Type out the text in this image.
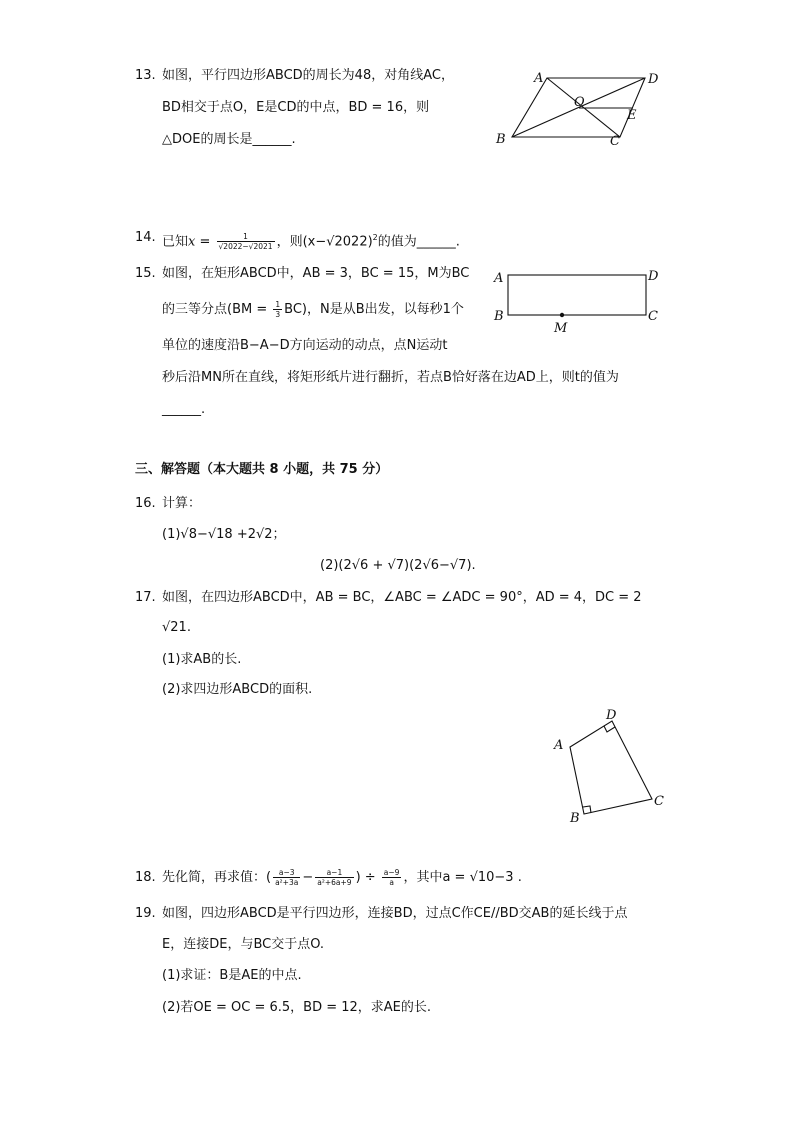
13. 如图，平行四边形ABCD的周长为48，对角线AC，
BD相交于点O，E是CD的中点，BD = 16，则
△DOE的周长是______.
A	D
O
E
B	C
14. 已知$x = \frac{1}{√2022-√2021}$ ，则$(x-√2022)^2$的值为______.
15. 如图，在矩形ABCD中，AB = 3，BC = 15，M为BC
的三等分点$(BM = \frac{1}{3} BC)$，N是从B出发，以每秒1个
单位的速度沿B−A−D方向运动的动点，点N运动t
秒后沿MN所在直线，将矩形纸片进行翻折，若点B恰好落在边AD上，则t的值为
______.
A	D
B	C
M
三、解答题（本大题共 8 小题，共 75 分）
16. 计算：
(1)√8−√18 +2√2；
(2)(2√6 + √7)(2√6−√7).
17. 如图，在四边形ABCD中，AB = BC，∠ABC = ∠ADC = 90°，AD = 4，DC = 2
√21.
(1)求AB的长.
(2)求四边形ABCD的面积.
D
A
C
B
18. 先化简，再求值：( $\frac{a-3}{\text{a²+3a}} - \frac{a-1}{\text{a²+6a+9}}$ ) ÷ $\frac{a-9}{a}$ ，其中a = √10−3 .
19. 如图，四边形ABCD是平行四边形，连接BD，过点C作CE//BD交AB的延长线于点
E，连接DE，与BC交于点O.
(1)求证：B是AE的中点.
(2)若OE = OC = 6.5，BD = 12，求AE的长.
